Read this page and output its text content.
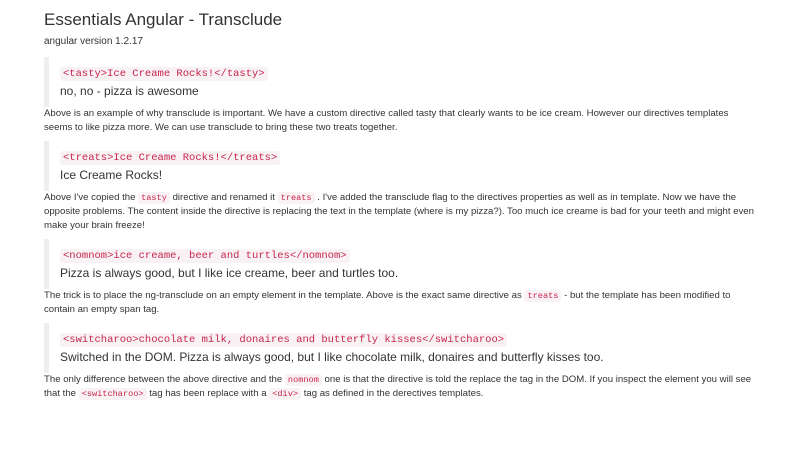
Essentials Angular - Transclude

angular version 1.2.17

<tasty>Ice Creame Rocks!</tasty>
no, no - pizza is awesome

Above is an example of why transclude is important. We have a custom directive called tasty that clearly wants to be ice cream. However our directives templates seems to like pizza more. We can use transclude to bring these two treats together.

<treats>Ice Creame Rocks!</treats>
Ice Creame Rocks!

Above I've copied the tasty directive and renamed it treats . I've added the transclude flag to the directives properties as well as in template. Now we have the opposite problems. The content inside the directive is replacing the text in the template (where is my pizza?). Too much ice creame is bad for your teeth and might even make your brain freeze!

<nomnom>ice creame, beer and turtles</nomnom>
Pizza is always good, but I like ice creame, beer and turtles too.

The trick is to place the ng-transclude on an empty element in the template. Above is the exact same directive as treats - but the template has been modified to contain an empty span tag.

<switcharoo>chocolate milk, donaires and butterfly kisses</switcharoo>
Switched in the DOM. Pizza is always good, but I like chocolate milk, donaires and butterfly kisses too.

The only difference between the above directive and the nomnom one is that the directive is told the replace the tag in the DOM. If you inspect the element you will see that the <switcharoo> tag has been replace with a <div> tag as defined in the derectives templates.
